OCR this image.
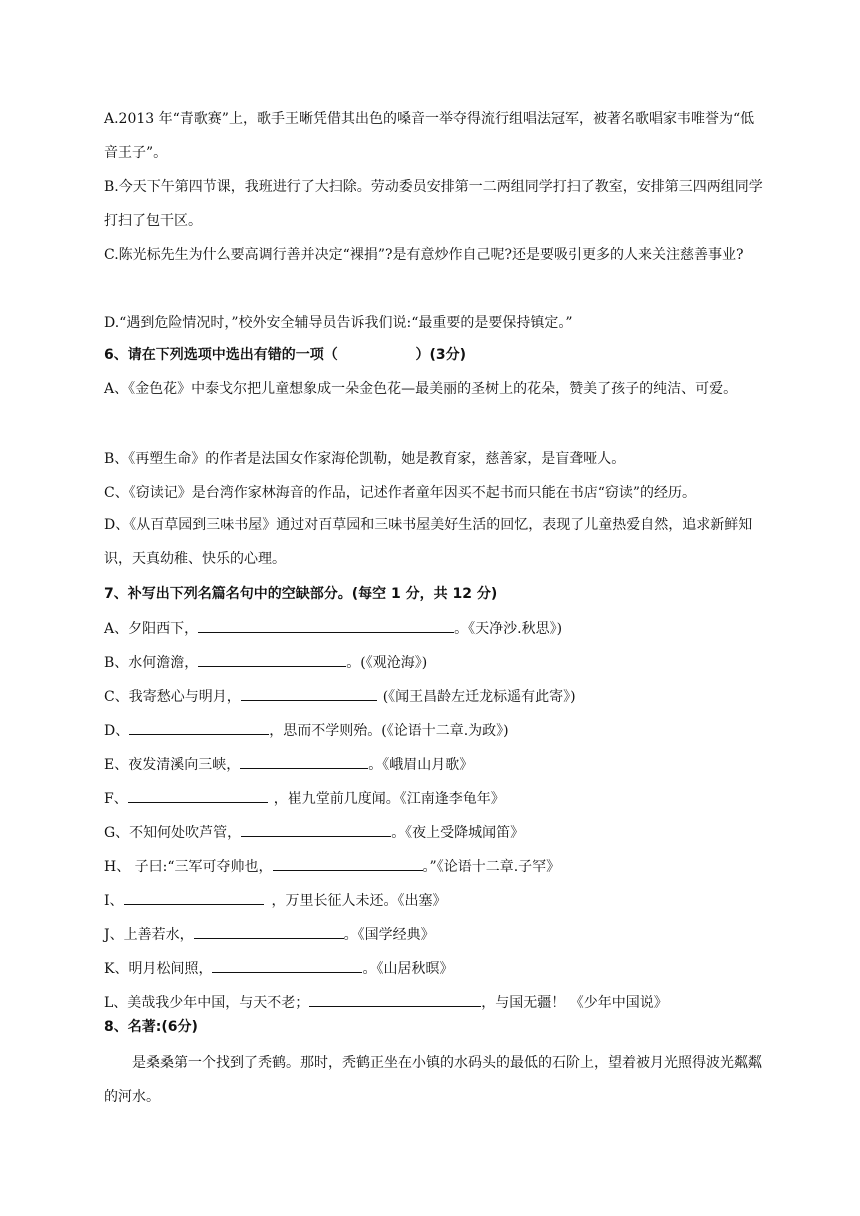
A.2013 年“青歌赛”上，歌手王晰凭借其出色的嗓音一举夺得流行组唱法冠军，被著名歌唱家韦唯誉为“低音王子”。
B.今天下午第四节课，我班进行了大扫除。劳动委员安排第一二两组同学打扫了教室，安排第三四两组同学打扫了包干区。
C.陈光标先生为什么要高调行善并决定“裸捐”?是有意炒作自己呢?还是要吸引更多的人来关注慈善事业?
D.“遇到危险情况时，”校外安全辅导员告诉我们说:“最重要的是要保持镇定。”
6、请在下列选项中选出有错的一项（	）(3分)
A、《金色花》中泰戈尔把儿童想象成一朵金色花—最美丽的圣树上的花朵，赞美了孩子的纯洁、可爱。
B、《再塑生命》的作者是法国女作家海伦凯勒，她是教育家，慈善家，是盲聋哑人。
C、《窃读记》是台湾作家林海音的作品，记述作者童年因买不起书而只能在书店“窃读”的经历。
D、《从百草园到三味书屋》通过对百草园和三味书屋美好生活的回忆，表现了儿童热爱自然，追求新鲜知识，天真幼稚、快乐的心理。
7、补写出下列名篇名句中的空缺部分。(每空 1 分，共 12 分)
A、夕阳西下，	。《天净沙.秋思》)
B、水何澹澹，	。(《观沧海》)
C、我寄愁心与明月，	(《闻王昌龄左迁龙标遥有此寄》)
D、	，思而不学则殆。(《论语十二章.为政》)
E、夜发清溪向三峡，	。《峨眉山月歌》
F、	，崔九堂前几度闻。《江南逢李龟年》
G、不知何处吹芦管，	。《夜上受降城闻笛》
H、 子曰:“三军可夺帅也，	。”《论语十二章.子罕》
I、	，万里长征人未还。《出塞》
J、上善若水，	。《国学经典》
K、明月松间照，	。《山居秋暝》
L、美哉我少年中国，与天不老；	，与国无疆！ 《少年中国说》
8、名著:(6分)
是桑桑第一个找到了秃鹤。那时，秃鹤正坐在小镇的水码头的最低的石阶上，望着被月光照得波光粼粼的河水。
